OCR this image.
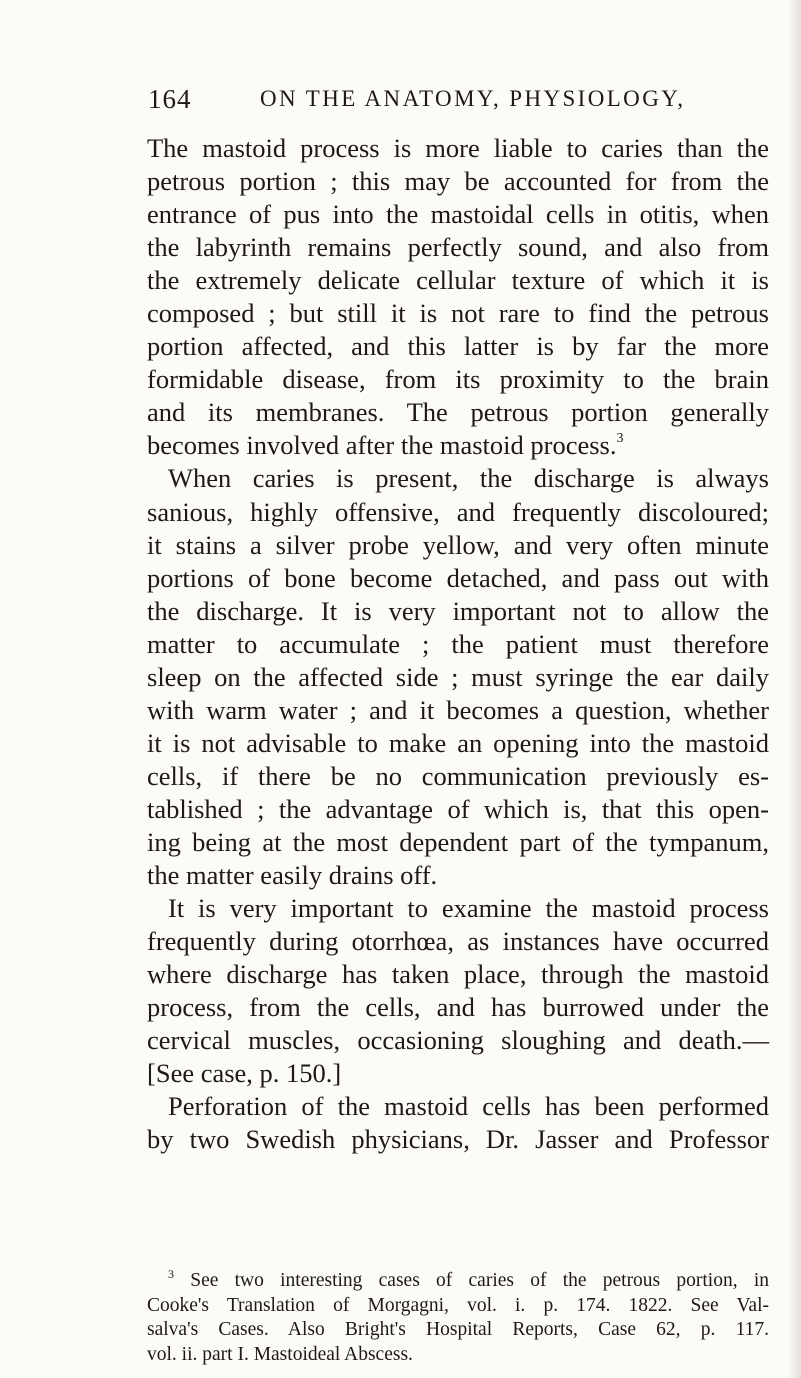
164	ON THE ANATOMY, PHYSIOLOGY,
The mastoid process is more liable to caries than the
petrous portion ; this may be accounted for from the
entrance of pus into the mastoidal cells in otitis, when
the labyrinth remains perfectly sound, and also from
the extremely delicate cellular texture of which it is
composed ; but still it is not rare to find the petrous
portion affected, and this latter is by far the more
formidable disease, from its proximity to the brain
and its membranes. The petrous portion generally
becomes involved after the mastoid process.$^3$
When caries is present, the discharge is always
sanious, highly offensive, and frequently discoloured;
it stains a silver probe yellow, and very often minute
portions of bone become detached, and pass out with
the discharge. It is very important not to allow the
matter to accumulate ; the patient must therefore
sleep on the affected side ; must syringe the ear daily
with warm water ; and it becomes a question, whether
it is not advisable to make an opening into the mastoid
cells, if there be no communication previously es-
tablished ; the advantage of which is, that this open-
ing being at the most dependent part of the tympanum,
the matter easily drains off.
It is very important to examine the mastoid process
frequently during otorrhœa, as instances have occurred
where discharge has taken place, through the mastoid
process, from the cells, and has burrowed under the
cervical muscles, occasioning sloughing and death.—
[See case, p. 150.]
Perforation of the mastoid cells has been performed
by two Swedish physicians, Dr. Jasser and Professor
$^3$ See two interesting cases of caries of the petrous portion, in
Cooke's Translation of Morgagni, vol. i. p. 174. 1822. See Val-
salva's Cases. Also Bright's Hospital Reports, Case 62, p. 117.
vol. ii. part I. Mastoideal Abscess.
